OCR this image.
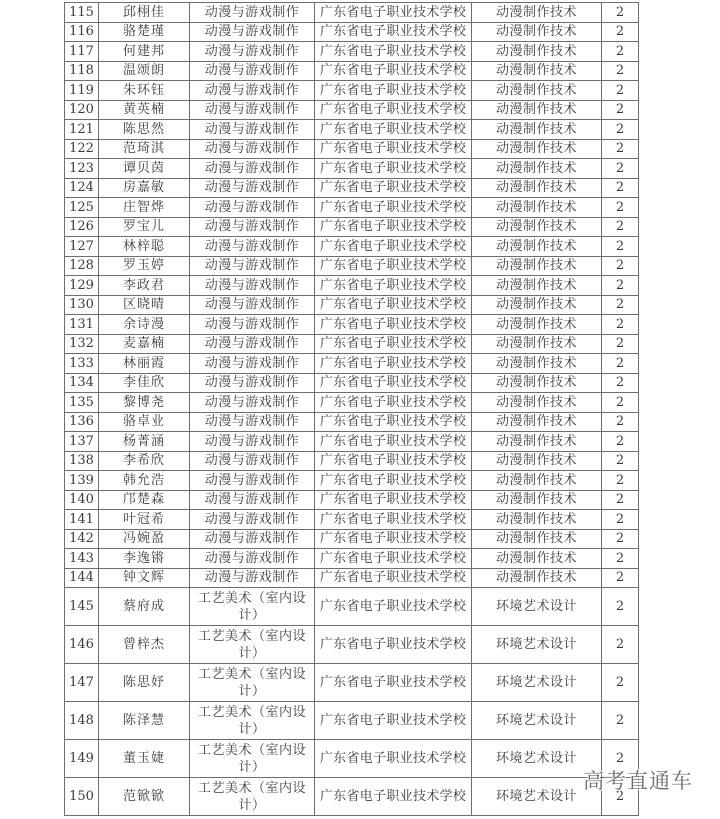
115	邱栩佳	动漫与游戏制作	广东省电子职业技术学校	动漫制作技术	2
116	骆楚瑾	动漫与游戏制作	广东省电子职业技术学校	动漫制作技术	2
117	何建邦	动漫与游戏制作	广东省电子职业技术学校	动漫制作技术	2
118	温颂朗	动漫与游戏制作	广东省电子职业技术学校	动漫制作技术	2
119	朱环钰	动漫与游戏制作	广东省电子职业技术学校	动漫制作技术	2
120	黄英楠	动漫与游戏制作	广东省电子职业技术学校	动漫制作技术	2
121	陈思然	动漫与游戏制作	广东省电子职业技术学校	动漫制作技术	2
122	范琦淇	动漫与游戏制作	广东省电子职业技术学校	动漫制作技术	2
123	谭贝茵	动漫与游戏制作	广东省电子职业技术学校	动漫制作技术	2
124	房嘉敏	动漫与游戏制作	广东省电子职业技术学校	动漫制作技术	2
125	庄智烨	动漫与游戏制作	广东省电子职业技术学校	动漫制作技术	2
126	罗宝儿	动漫与游戏制作	广东省电子职业技术学校	动漫制作技术	2
127	林梓聪	动漫与游戏制作	广东省电子职业技术学校	动漫制作技术	2
128	罗玉婷	动漫与游戏制作	广东省电子职业技术学校	动漫制作技术	2
129	李政君	动漫与游戏制作	广东省电子职业技术学校	动漫制作技术	2
130	区晓晴	动漫与游戏制作	广东省电子职业技术学校	动漫制作技术	2
131	余诗漫	动漫与游戏制作	广东省电子职业技术学校	动漫制作技术	2
132	麦嘉楠	动漫与游戏制作	广东省电子职业技术学校	动漫制作技术	2
133	林丽霞	动漫与游戏制作	广东省电子职业技术学校	动漫制作技术	2
134	李佳欣	动漫与游戏制作	广东省电子职业技术学校	动漫制作技术	2
135	黎博尧	动漫与游戏制作	广东省电子职业技术学校	动漫制作技术	2
136	骆卓业	动漫与游戏制作	广东省电子职业技术学校	动漫制作技术	2
137	杨菁涵	动漫与游戏制作	广东省电子职业技术学校	动漫制作技术	2
138	李希欣	动漫与游戏制作	广东省电子职业技术学校	动漫制作技术	2
139	韩允浩	动漫与游戏制作	广东省电子职业技术学校	动漫制作技术	2
140	邝楚森	动漫与游戏制作	广东省电子职业技术学校	动漫制作技术	2
141	叶冠希	动漫与游戏制作	广东省电子职业技术学校	动漫制作技术	2
142	冯婉盈	动漫与游戏制作	广东省电子职业技术学校	动漫制作技术	2
143	李逸锵	动漫与游戏制作	广东省电子职业技术学校	动漫制作技术	2
144	钟文辉	动漫与游戏制作	广东省电子职业技术学校	动漫制作技术	2
145	蔡府成	工艺美术（室内设计）	广东省电子职业技术学校	环境艺术设计	2
146	曾梓杰	工艺美术（室内设计）	广东省电子职业技术学校	环境艺术设计	2
147	陈思妤	工艺美术（室内设计）	广东省电子职业技术学校	环境艺术设计	2
148	陈泽慧	工艺美术（室内设计）	广东省电子职业技术学校	环境艺术设计	2
149	董玉婕	工艺美术（室内设计）	广东省电子职业技术学校	环境艺术设计	2
150	范锨锨	工艺美术（室内设计）	广东省电子职业技术学校	环境艺术设计	2
高考直通车
